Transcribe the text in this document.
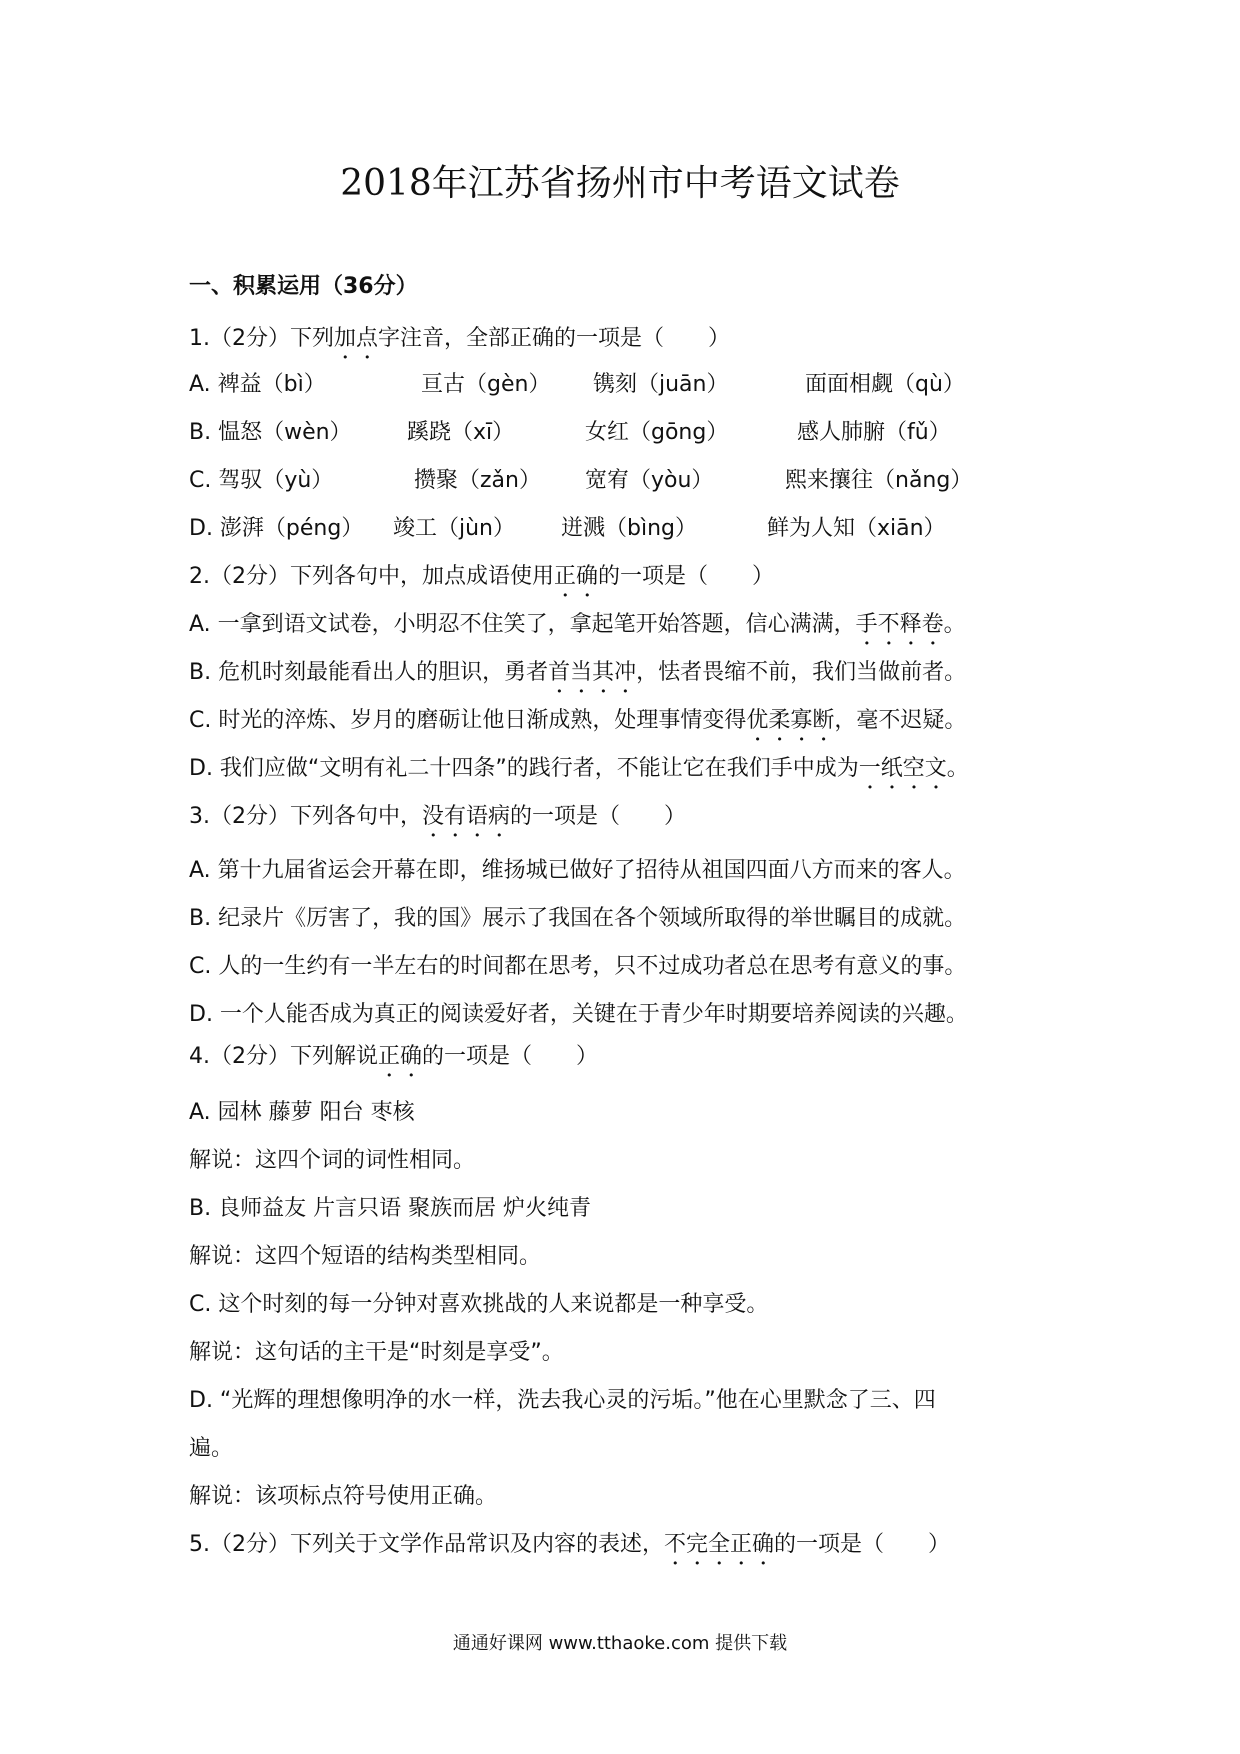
2018年江苏省扬州市中考语文试卷
一、积累运用（36分）
1.（2分）下列加点字注音，全部正确的一项是（　　）
A. 裨益（bì）	亘古（gèn） 镌刻（juān）	面面相觑（qù）
B. 愠怒（wèn）	蹊跷（xī）	女红（gōng）	感人肺腑（fǔ）
C. 驾驭（yù）	攒聚（zǎn） 宽宥（yòu）	熙来攘往（nǎng）
D. 澎湃（péng） 竣工（jùn） 迸溅（bìng）	鲜为人知（xiān）
2.（2分）下列各句中，加点成语使用正确的一项是（　　）
A. 一拿到语文试卷，小明忍不住笑了，拿起笔开始答题，信心满满，手不释卷。
B. 危机时刻最能看出人的胆识，勇者首当其冲，怯者畏缩不前，我们当做前者。
C. 时光的淬炼、岁月的磨砺让他日渐成熟，处理事情变得优柔寡断，毫不迟疑。
D. 我们应做“文明有礼二十四条”的践行者，不能让它在我们手中成为一纸空文。
3.（2分）下列各句中，没有语病的一项是（　　）
A. 第十九届省运会开幕在即，维扬城已做好了招待从祖国四面八方而来的客人。
B. 纪录片《厉害了，我的国》展示了我国在各个领域所取得的举世瞩目的成就。
C. 人的一生约有一半左右的时间都在思考，只不过成功者总在思考有意义的事。
D. 一个人能否成为真正的阅读爱好者，关键在于青少年时期要培养阅读的兴趣。
4.（2分）下列解说正确的一项是（　　）
A. 园林 藤萝 阳台 枣核
解说：这四个词的词性相同。
B. 良师益友 片言只语 聚族而居 炉火纯青
解说：这四个短语的结构类型相同。
C. 这个时刻的每一分钟对喜欢挑战的人来说都是一种享受。
解说：这句话的主干是“时刻是享受”。
D. “光辉的理想像明净的水一样，洗去我心灵的污垢。”他在心里默念了三、四
遍。
解说：该项标点符号使用正确。
5.（2分）下列关于文学作品常识及内容的表述，不完全正确的一项是（　　）
通通好课网 www.tthaoke.com 提供下载
